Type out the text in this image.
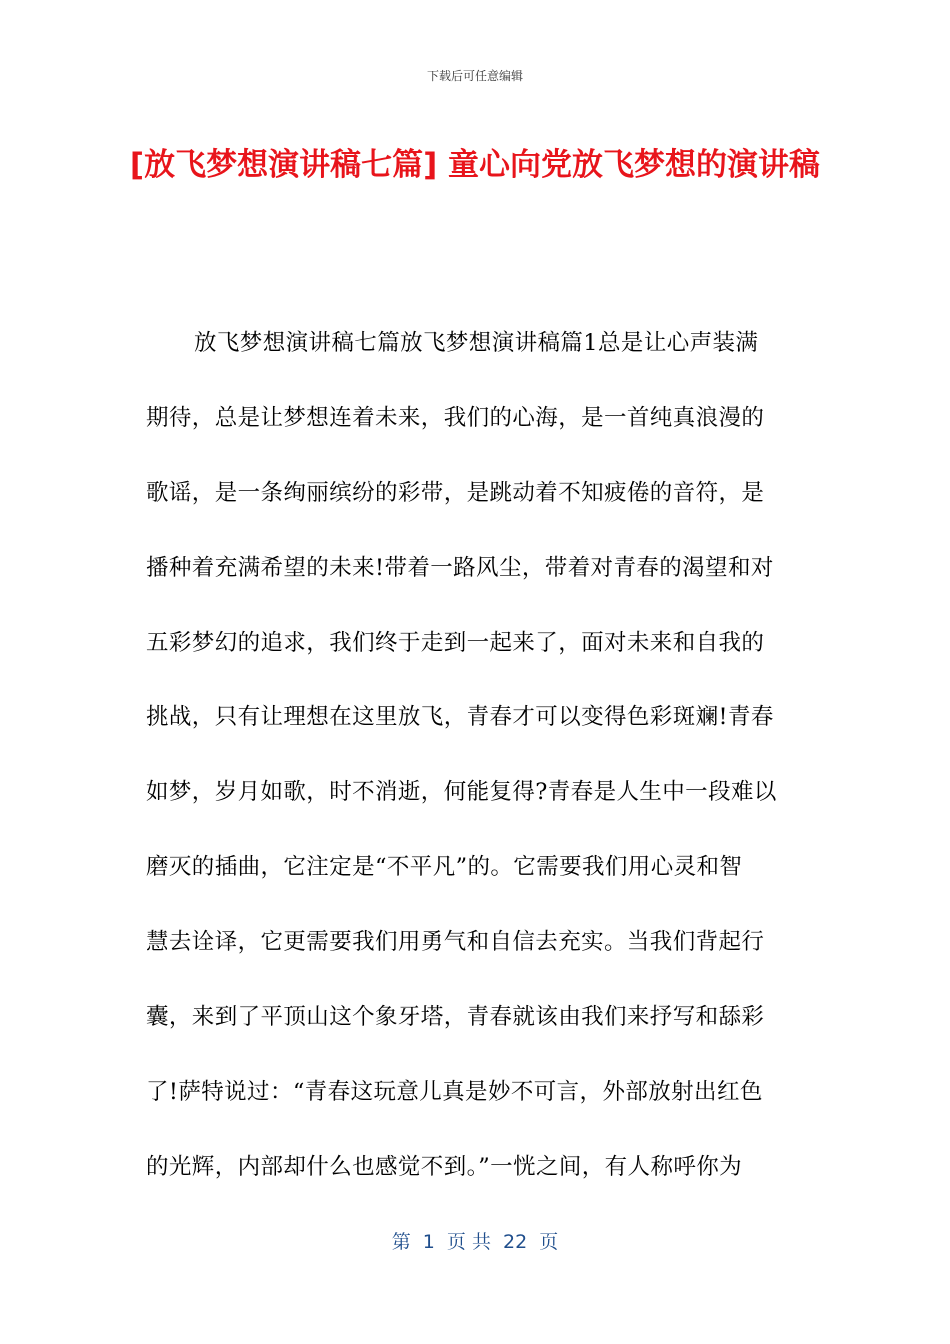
下载后可任意编辑
[放飞梦想演讲稿七篇] 童心向党放飞梦想的演讲稿
放飞梦想演讲稿七篇放飞梦想演讲稿篇1总是让心声装满
期待，总是让梦想连着未来，我们的心海，是一首纯真浪漫的
歌谣，是一条绚丽缤纷的彩带，是跳动着不知疲倦的音符，是
播种着充满希望的未来!带着一路风尘，带着对青春的渴望和对
五彩梦幻的追求，我们终于走到一起来了，面对未来和自我的
挑战，只有让理想在这里放飞，青春才可以变得色彩斑斓!青春
如梦，岁月如歌，时不消逝，何能复得?青春是人生中一段难以
磨灭的插曲，它注定是“不平凡”的。它需要我们用心灵和智
慧去诠译，它更需要我们用勇气和自信去充实。当我们背起行
囊，来到了平顶山这个象牙塔，青春就该由我们来抒写和舔彩
了!萨特说过：“青春这玩意儿真是妙不可言，外部放射出红色
的光辉，内部却什么也感觉不到。”一恍之间，有人称呼你为
第  1  页 共  22  页
